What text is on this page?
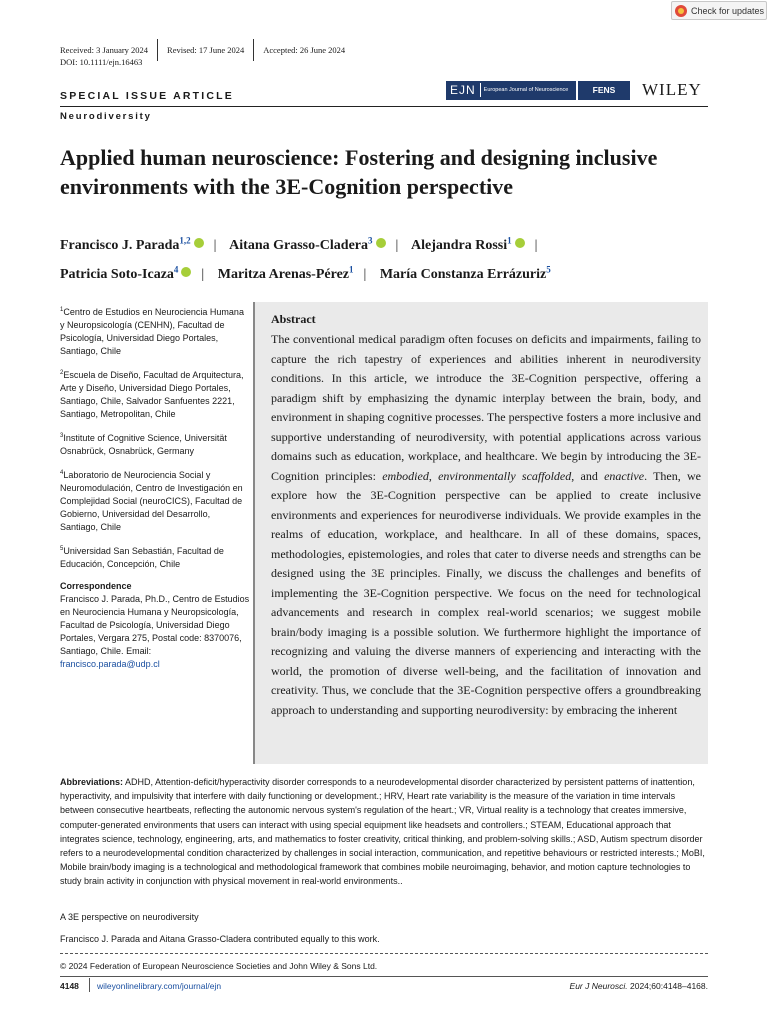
Check for updates
Received: 3 January 2024	Revised: 17 June 2024	Accepted: 26 June 2024
DOI: 10.1111/ejn.16463
EJN	European Journal of Neuroscience	FENS	WILEY
SPECIAL ISSUE ARTICLE
Neurodiversity
Applied human neuroscience: Fostering and designing inclusive environments with the 3E-Cognition perspective
Francisco J. Parada$^{1,2}$ | Aitana Grasso-Cladera$^3$ | Alejandra Rossi$^1$ |
Patricia Soto-Icaza$^4$ | Maritza Arenas-Pérez$^1$ | María Constanza Errázuriz$^5$
$^1$Centro de Estudios en Neurociencia Humana y Neuropsicología (CENHN), Facultad de Psicología, Universidad Diego Portales, Santiago, Chile
$^2$Escuela de Diseño, Facultad de Arquitectura, Arte y Diseño, Universidad Diego Portales, Santiago, Chile, Salvador Sanfuentes 2221, Santiago, Metropolitan, Chile
$^3$Institute of Cognitive Science, Universität Osnabrück, Osnabrück, Germany
$^4$Laboratorio de Neurociencia Social y Neuromodulación, Centro de Investigación en Complejidad Social (neuroCICS), Facultad de Gobierno, Universidad del Desarrollo, Santiago, Chile
$^5$Universidad San Sebastián, Facultad de Educación, Concepción, Chile
Correspondence
Francisco J. Parada, Ph.D., Centro de Estudios en Neurociencia Humana y Neuropsicología, Facultad de Psicología, Universidad Diego Portales, Vergara 275, Postal code: 8370076, Santiago, Chile. Email: francisco.parada@udp.cl
Abstract
The conventional medical paradigm often focuses on deficits and impairments, failing to capture the rich tapestry of experiences and abilities inherent in neurodiversity conditions. In this article, we introduce the 3E-Cognition perspective, offering a paradigm shift by emphasizing the dynamic interplay between the brain, body, and environment in shaping cognitive processes. The perspective fosters a more inclusive and supportive understanding of neurodiversity, with potential applications across various domains such as education, workplace, and healthcare. We begin by introducing the 3E-Cognition principles: embodied, environmentally scaffolded, and enactive. Then, we explore how the 3E-Cognition perspective can be applied to create inclusive environments and experiences for neurodiverse individuals. We provide examples in the realms of education, workplace, and healthcare. In all of these domains, spaces, methodologies, epistemologies, and roles that cater to diverse needs and strengths can be designed using the 3E principles. Finally, we discuss the challenges and benefits of implementing the 3E-Cognition perspective. We focus on the need for technological advancements and research in complex real-world scenarios; we suggest mobile brain/body imaging is a possible solution. We furthermore highlight the importance of recognizing and valuing the diverse manners of experiencing and interacting with the world, the promotion of diverse well-being, and the facilitation of innovation and creativity. Thus, we conclude that the 3E-Cognition perspective offers a groundbreaking approach to understanding and supporting neurodiversity: by embracing the inherent
Abbreviations: ADHD, Attention-deficit/hyperactivity disorder corresponds to a neurodevelopmental disorder characterized by persistent patterns of inattention, hyperactivity, and impulsivity that interfere with daily functioning or development.; HRV, Heart rate variability is the measure of the variation in time intervals between consecutive heartbeats, reflecting the autonomic nervous system's regulation of the heart.; VR, Virtual reality is a technology that creates immersive, computer-generated environments that users can interact with using special equipment like headsets and controllers.; STEAM, Educational approach that integrates science, technology, engineering, arts, and mathematics to foster creativity, critical thinking, and problem-solving skills.; ASD, Autism spectrum disorder refers to a neurodevelopmental condition characterized by challenges in social interaction, communication, and repetitive behaviours or restricted interests.; MoBI, Mobile brain/body imaging is a technological and methodological framework that combines mobile neuroimaging, behavior, and motion capture technologies to study brain activity in conjunction with physical movement in real-world environments..
A 3E perspective on neurodiversity
Francisco J. Parada and Aitana Grasso-Cladera contributed equally to this work.
© 2024 Federation of European Neuroscience Societies and John Wiley & Sons Ltd.
4148 wileyonlinelibrary.com/journal/ejn	Eur J Neurosci. 2024;60:4148–4168.
